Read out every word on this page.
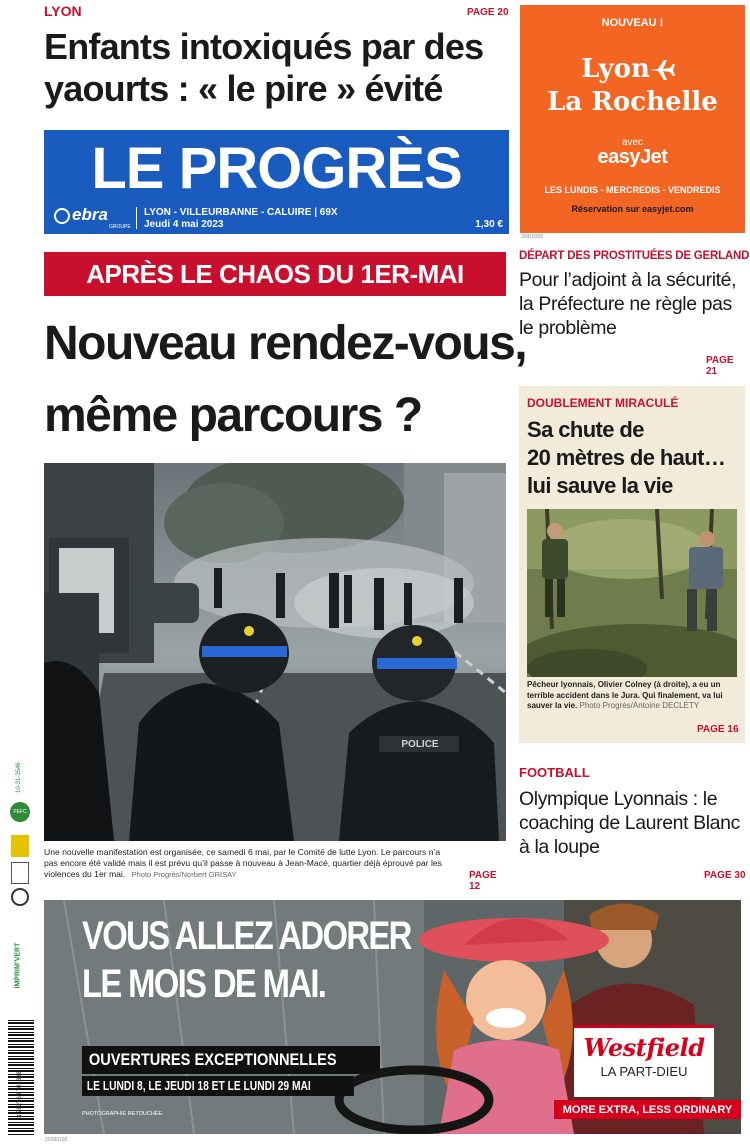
LYON	PAGE 20
Enfants intoxiqués par des
yaourts : « le pire » évité
NOUVEAU !
Lyon
La Rochelle
avec
easyJet
LES LUNDIS - MERCREDIS - VENDREDIS
Réservation sur easyjet.com
20410300
LE PROGRÈS
ebra
GROUPE
LYON - VILLEURBANNE - CALUIRE | 69X
Jeudi 4 mai 2023	1,30 €
APRÈS LE CHAOS DU 1ER-MAI
Nouveau rendez-vous,
même parcours ?
POLICE
Une nouvelle manifestation est organisée, ce samedi 6 mai, par le Comité de lutte Lyon. Le parcours n’a pas encore été validé mais il est prévu qu’il passe à nouveau à Jean-Macé, quartier déjà éprouvé par les violences du 1er mai. Photo Progrès/Norbert GRISAY	PAGE 12
DÉPART DES PROSTITUÉES DE GERLAND
Pour l’adjoint à la sécurité, la Préfecture ne règle pas le problème
PAGE 21
DOUBLEMENT MIRACULÉ
Sa chute de
20 mètres de haut…
lui sauve la vie
Pêcheur lyonnais, Olivier Colney (à droite), a eu un terrible accident dans le Jura. Qui finalement, va lui sauver la vie. Photo Progrès/Antoine DECLÉTY
PAGE 16
FOOTBALL
Olympique Lyonnais : le coaching de Laurent Blanc à la loupe
PAGE 30
10-31-3546
PEFC
IMPRIM’VERT
3 782768 701306
VOUS ALLEZ ADORER
LE MOIS DE MAI.
OUVERTURES EXCEPTIONNELLES
LE LUNDI 8, LE JEUDI 18 ET LE LUNDI 29 MAI
PHOTOGRAPHIE RETOUCHÉE.
Westfield
LA PART-DIEU
MORE EXTRA, LESS ORDINARY
20389100
